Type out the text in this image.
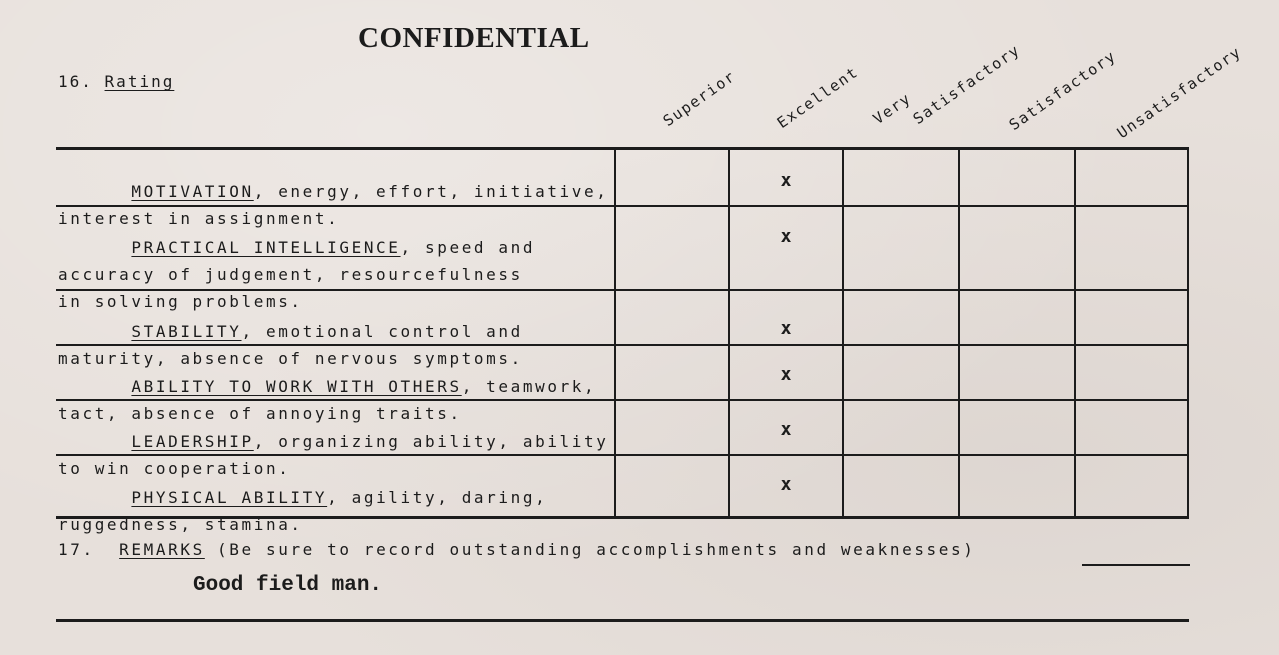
CONFIDENTIAL
16. Rating	Superior Excellent Very
Satisfactory
Satisfactory
Unsatisfactory

MOTIVATION, energy, effort, initiative,
interest in assignment.

x

PRACTICAL INTELLIGENCE, speed and
accuracy of judgement, resourcefulness
in solving problems.

x

STABILITY, emotional control and
maturity, absence of nervous symptoms.

x

ABILITY TO WORK WITH OTHERS, teamwork,
tact, absence of annoying traits.

x

LEADERSHIP, organizing ability, ability
to win cooperation.

x

PHYSICAL ABILITY, agility, daring,
ruggedness, stamina.

x
17. REMARKS (Be sure to record outstanding accomplishments and weaknesses)
Good field man.
